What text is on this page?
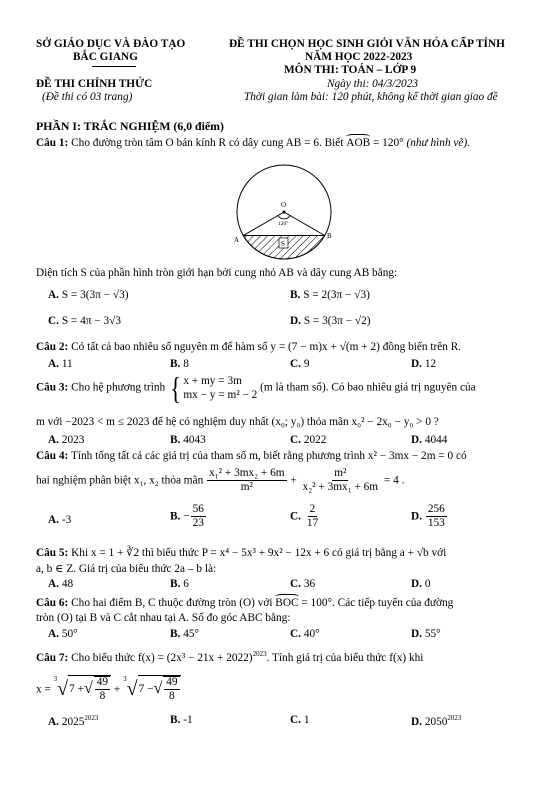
SỞ GIÁO DỤC VÀ ĐÀO TẠO
BẮC GIANG
ĐỀ THI CHÍNH THỨC
(Đề thi có 03 trang)
ĐỀ THI CHỌN HỌC SINH GIỎI VĂN HÓA CẤP TỈNH
NĂM HỌC 2022-2023
MÔN THI: TOÁN – LỚP 9
Ngày thi: 04/3/2023
Thời gian làm bài: 120 phút, không kể thời gian giao đề
PHẦN I: TRẮC NGHIỆM (6,0 điểm)
Câu 1: Cho đường tròn tâm O bán kính R có dây cung AB = 6. Biết
AOB = 120° (như hình vẽ).
O
120°
A	B
S
Diện tích S của phần hình tròn giới hạn bởi cung nhỏ AB và dây cung AB bằng:
A. S = 3(3π − √3)	B. S = 2(3π − √3)
C. S = 4π − 3√3	D. S = 3(3π − √2)
Câu 2: Có tất cả bao nhiêu số nguyên m để hàm số y = (7 − m)x + √(m + 2) đồng biến trên R.
A. 11	B. 8	C. 9	D. 12
Câu 3: Cho hệ phương trình { x + my = 3m
mx − y = m² − 2 (m là tham số). Có bao nhiêu giá trị nguyên của
m với −2023 < m ≤ 2023 để hệ có nghiệm duy nhất (x₀; y₀) thỏa mãn x₀² − 2x₀ − y₀ > 0 ?
A. 2023	B. 4043	C. 2022	D. 4044
Câu 4: Tính tổng tất cả các giá trị của tham số m, biết rằng phương trình x² − 3mx − 2m = 0 có
hai nghiệm phân biệt x₁, x₂ thỏa mãn $\frac{\text{x₁² + 3mx₂ + 6m}}{\text{m²}} + \frac{\text{m²}}{\text{x₂² + 3mx₁ + 6m}} = 4$ .
A. -3	B. − $\frac{56}{23}$	C. $\frac{2}{17}$	D. $\frac{256}{153}$
Câu 5: Khi x = 1 + ∛2 thì biểu thức P = x⁴ − 5x³ + 9x² − 12x + 6 có giá trị bằng a + √b với
a, b ∈ Z. Giá trị của biểu thức 2a – b là:
A. 48	B. 6	C. 36	D. 0
Câu 6: Cho hai điểm B, C thuộc đường tròn (O) với
BOC = 100°. Các tiếp tuyến của đường
tròn (O) tại B và C cắt nhau tại A. Số đo góc ABC bằng:
A. 50°	B. 45°	C. 40°	D. 55°
Câu 7: Cho biểu thức $f(x) = (2x^3 - 21x + 2022)^{2023}$. Tính giá trị của biểu thức f(x) khi
x = $^3$√ 7 + √ $\frac{49}{8} + ^3√$ 7 − √ $\frac{49}{8}$
A. $2025^{2023}$	B. -1	C. 1	D. $2050^{2023}$
